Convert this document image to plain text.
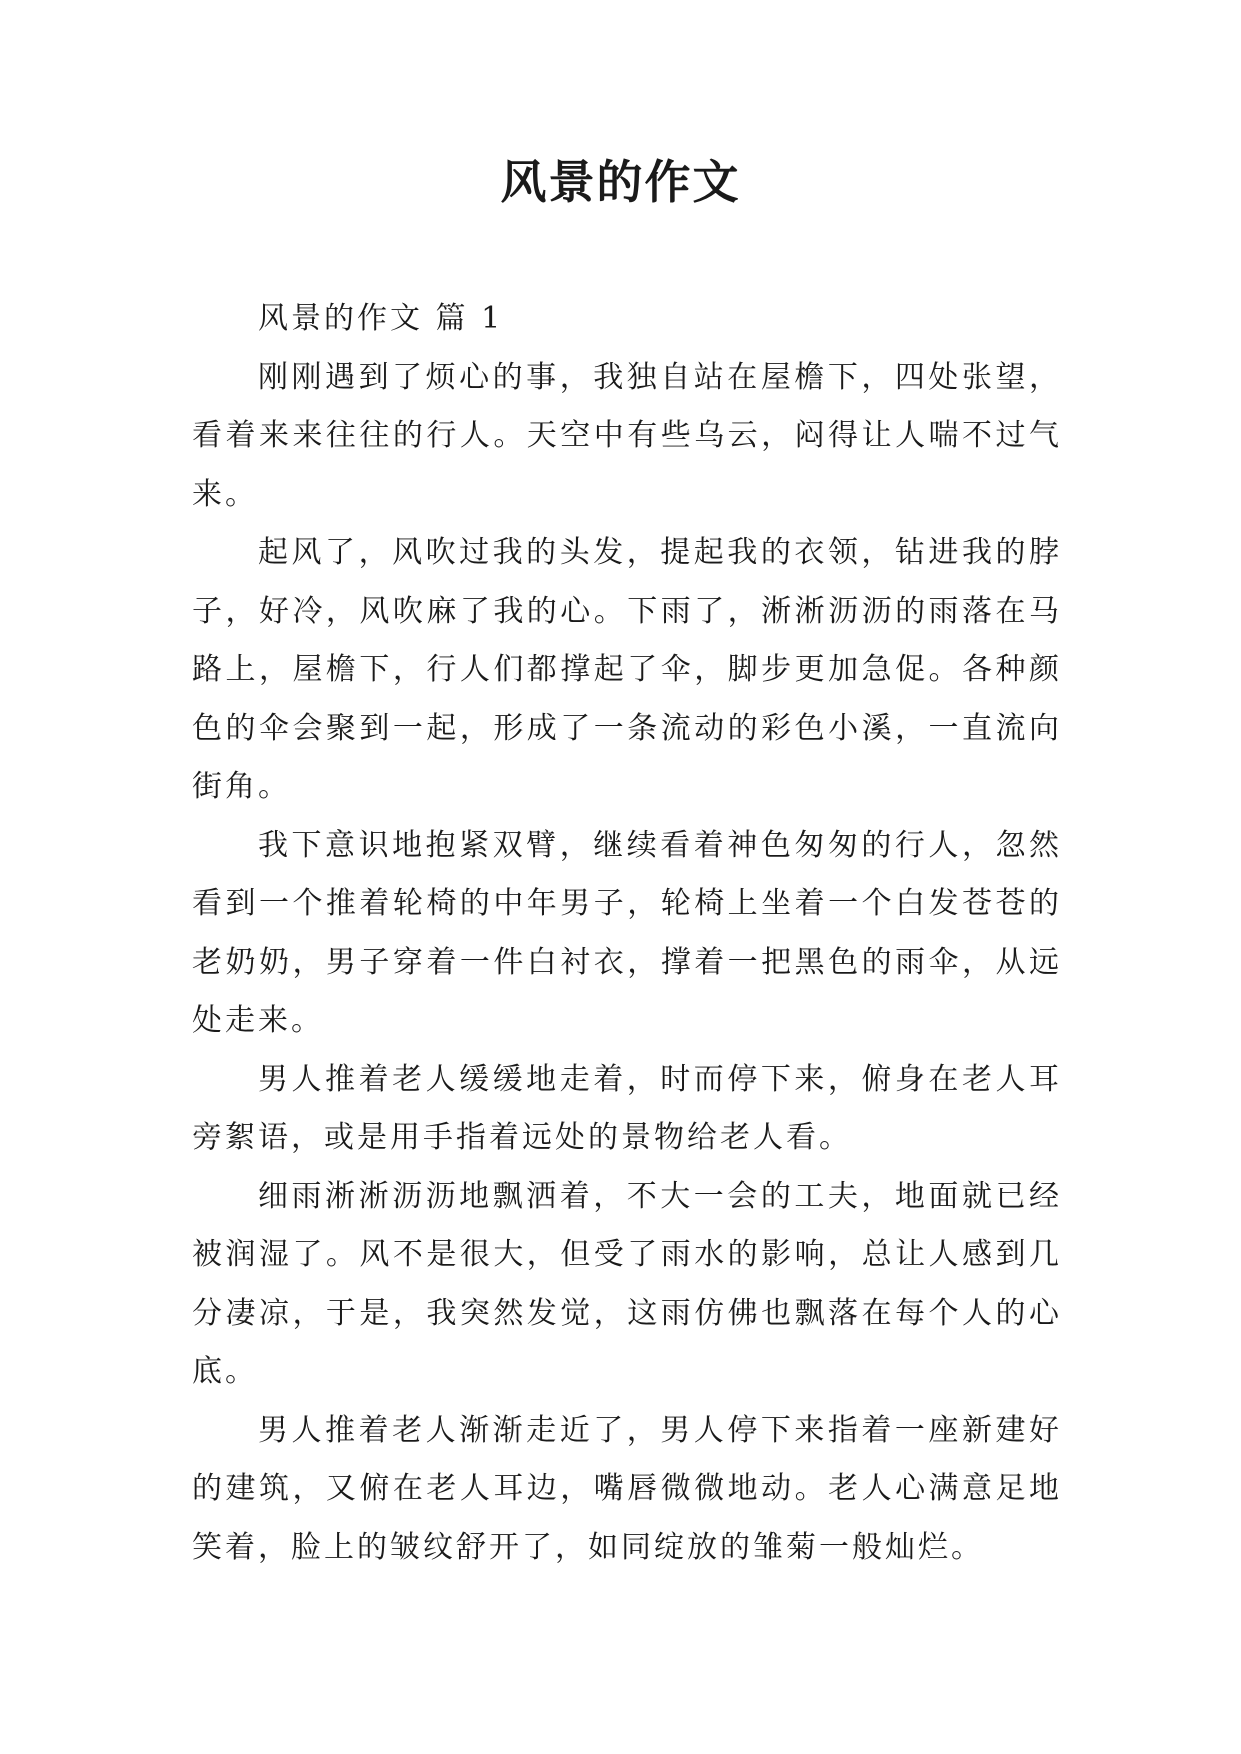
风景的作文

风景的作文 篇 1

刚刚遇到了烦心的事，我独自站在屋檐下，四处张望，看着来来往往的行人。天空中有些乌云，闷得让人喘不过气来。

起风了，风吹过我的头发，提起我的衣领，钻进我的脖子，好冷，风吹麻了我的心。下雨了，淅淅沥沥的雨落在马路上，屋檐下，行人们都撑起了伞，脚步更加急促。各种颜色的伞会聚到一起，形成了一条流动的彩色小溪，一直流向街角。

我下意识地抱紧双臂，继续看着神色匆匆的行人，忽然看到一个推着轮椅的中年男子，轮椅上坐着一个白发苍苍的老奶奶，男子穿着一件白衬衣，撑着一把黑色的雨伞，从远处走来。

男人推着老人缓缓地走着，时而停下来，俯身在老人耳旁絮语，或是用手指着远处的景物给老人看。

细雨淅淅沥沥地飘洒着，不大一会的工夫，地面就已经被润湿了。风不是很大，但受了雨水的影响，总让人感到几分凄凉，于是，我突然发觉，这雨仿佛也飘落在每个人的心底。

男人推着老人渐渐走近了，男人停下来指着一座新建好的建筑，又俯在老人耳边，嘴唇微微地动。老人心满意足地笑着，脸上的皱纹舒开了，如同绽放的雏菊一般灿烂。
